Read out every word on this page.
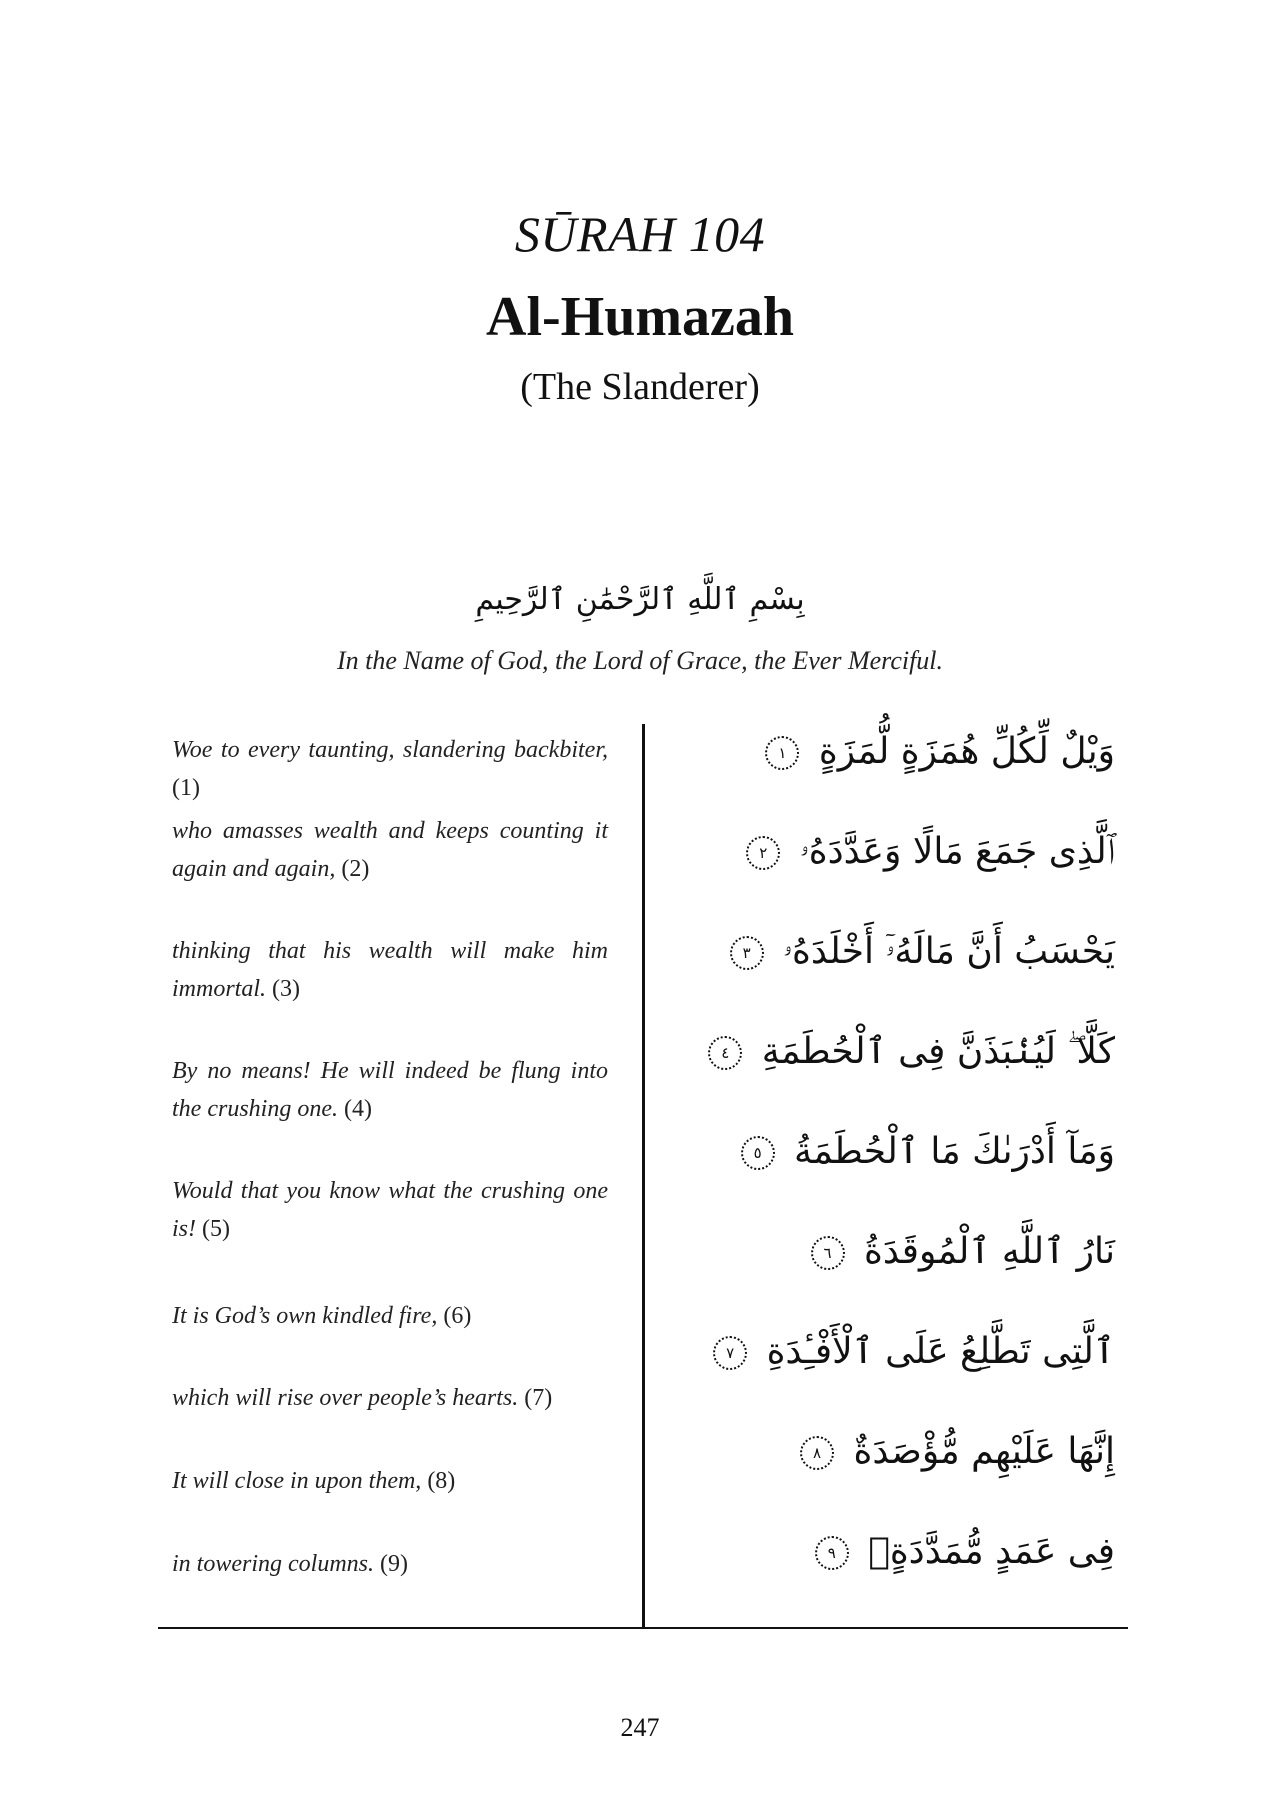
SŪRAH 104
Al-Humazah
(The Slanderer)
بِسْمِ ٱللَّهِ ٱلرَّحْمَٰنِ ٱلرَّحِيمِ
In the Name of God, the Lord of Grace, the Ever Merciful.
Woe to every taunting, slandering backbiter, (1)
who amasses wealth and keeps counting it again and again, (2)
thinking that his wealth will make him immortal. (3)
By no means! He will indeed be flung into the crushing one. (4)
Would that you know what the crushing one is! (5)
It is God’s own kindled fire, (6)
which will rise over people’s hearts. (7)
It will close in upon them, (8)
in towering columns. (9)
وَيْلٌ لِّكُلِّ هُمَزَةٍ لُّمَزَةٍ ١
ٱلَّذِى جَمَعَ مَالًا وَعَدَّدَهُۥ ٢
يَحْسَبُ أَنَّ مَالَهُۥٓ أَخْلَدَهُۥ ٣
كَلَّا ۖ لَيُنۢبَذَنَّ فِى ٱلْحُطَمَةِ ٤
وَمَآ أَدْرَىٰكَ مَا ٱلْحُطَمَةُ ٥
نَارُ ٱللَّهِ ٱلْمُوقَدَةُ ٦
ٱلَّتِى تَطَّلِعُ عَلَى ٱلْأَفْـِٔدَةِ ٧
إِنَّهَا عَلَيْهِم مُّؤْصَدَةٌ ٨
فِى عَمَدٍ مُّمَدَّدَةٍۭ ٩
247
